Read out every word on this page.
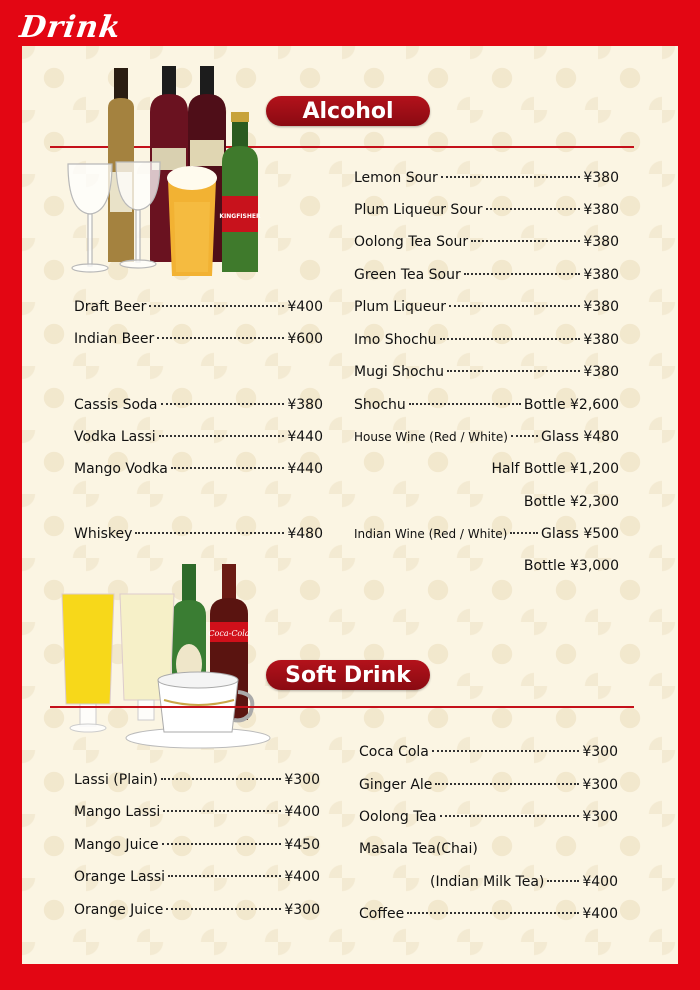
Drink
Alcohol
KINGFISHER
Draft Beer	¥400
Indian Beer	¥600
Cassis Soda	¥380
Vodka Lassi	¥440
Mango Vodka	¥440
Whiskey	¥480
Lemon Sour	¥380
Plum Liqueur Sour	¥380
Oolong Tea Sour	¥380
Green Tea Sour	¥380
Plum Liqueur	¥380
Imo Shochu	¥380
Mugi Shochu	¥380
Shochu	Bottle ¥2,600
House Wine (Red / White) Glass ¥480
Half Bottle ¥1,200
Bottle ¥2,300
Indian Wine (Red / White) Glass ¥500
Bottle ¥3,000
Coca-Cola
Soft Drink
Lassi (Plain)	¥300
Mango Lassi	¥400
Mango Juice	¥450
Orange Lassi	¥400
Orange Juice	¥300
Coca Cola	¥300
Ginger Ale	¥300
Oolong Tea	¥300
Masala Tea(Chai)
(Indian Milk Tea)	¥400
Coffee	¥400
